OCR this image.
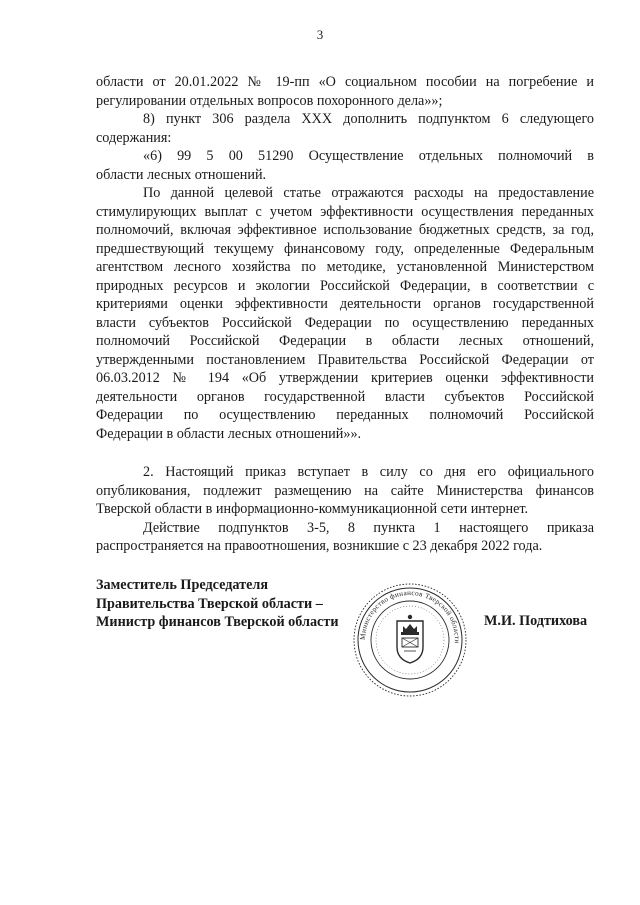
3
области от 20.01.2022 № 19-пп «О социальном пособии на погребение и
регулировании отдельных вопросов похоронного дела»»;
8) пункт 306 раздела XXX дополнить подпунктом 6 следующего
содержания:
«6) 99 5 00 51290 Осуществление отдельных полномочий в
области лесных отношений.
По данной целевой статье отражаются расходы на предоставление
стимулирующих выплат с учетом эффективности осуществления переданных
полномочий, включая эффективное использование бюджетных средств, за год,
предшествующий текущему финансовому году, определенные Федеральным
агентством лесного хозяйства по методике, установленной Министерством
природных ресурсов и экологии Российской Федерации, в соответствии с
критериями оценки эффективности деятельности органов государственной
власти субъектов Российской Федерации по осуществлению переданных
полномочий Российской Федерации в области лесных отношений,
утвержденными постановлением Правительства Российской Федерации от
06.03.2012 № 194 «Об утверждении критериев оценки эффективности
деятельности органов государственной власти субъектов Российской
Федерации по осуществлению переданных полномочий Российской
Федерации в области лесных отношений»».
2. Настоящий приказ вступает в силу со дня его официального
опубликования, подлежит размещению на сайте Министерства финансов
Тверской области в информационно-коммуникационной сети интернет.
Действие подпунктов 3-5, 8 пункта 1 настоящего приказа
распространяется на правоотношения, возникшие с 23 декабря 2022 года.
Заместитель Председателя
Правительства Тверской области –
Министр финансов Тверской области	М.И. Подтихова
Министерство финансов Тверской области
